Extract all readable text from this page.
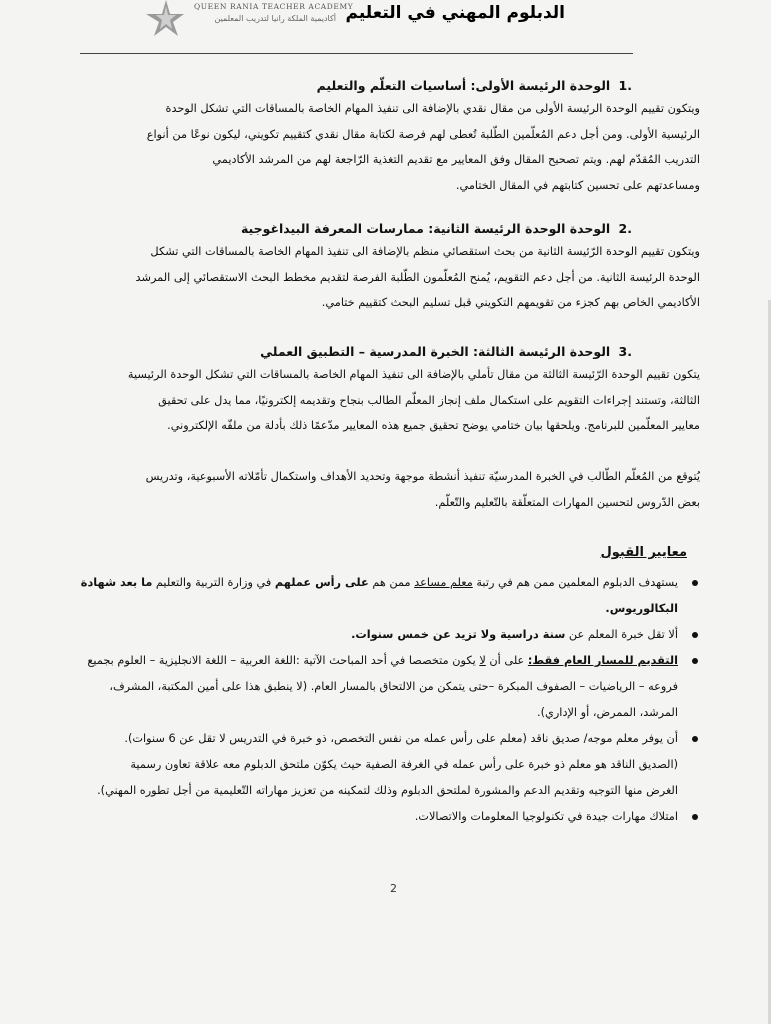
QUEEN RANIA TEACHER ACADEMY
أكاديمية الملكة رانيا لتدريب المعلمين الدبلوم المهني في التعليم
.1 الوحدة الرئيسة الأولى: أساسيات التعلّم والتعليم
ويتكون تقييم الوحدة الرئيسة الأولى من مقال نقدي بالإضافة الى تنفيذ المهام الخاصة بالمساقات التي تشكل الوحدة
الرئيسية الأولى. ومن أجل دعم المُعلّمين الطّلبة تُعطى لهم فرصة لكتابة مقال نقدي كتقييم تكويني، ليكون نوعًا من أنواع
التدريب المُقدّم لهم. ويتم تصحيح المقال وفق المعايير مع تقديم التغذية الرّاجعة لهم من المرشد الأكاديمي
ومساعدتهم على تحسين كتابتهم في المقال الختامي.
.2 الوحدة الوحدة الرئيسة الثانية: ممارسات المعرفة البيداغوجية
ويتكون تقييم الوحدة الرّئيسة الثانية من بحث استقصائي منظم بالإضافة الى تنفيذ المهام الخاصة بالمساقات التي تشكل
الوحدة الرئيسة الثانية. من أجل دعم التقويم، يُمنح المُعلّمون الطّلبة الفرصة لتقديم مخطط البحث الاستقصائي إلى المرشد
الأكاديمي الخاص بهم كجزء من تقويمهم التكويني قبل تسليم البحث كتقييم ختامي.
.3 الوحدة الرئيسة الثالثة: الخبرة المدرسية – التطبيق العملي
يتكون تقييم الوحدة الرّئيسة الثالثة من مقال تأملي بالإضافة الى تنفيذ المهام الخاصة بالمساقات التي تشكل الوحدة الرئيسية
الثالثة، وتستند إجراءات التقويم على استكمال ملف إنجاز المعلّم الطالب بنجاح وتقديمه إلكترونيًا، مما يدل على تحقيق
معايير المعلّمين للبرنامج. ويلحقها بيان ختامي يوضح تحقيق جميع هذه المعايير مدّعمًا ذلك بأدلة من ملفّه الإلكتروني.
يُتوقع من المُعلّم الطّالب في الخبرة المدرسيّة تنفيذ أنشطة موجهة وتحديد الأهداف واستكمال تأمّلاته الأسبوعية، وتدريس
بعض الدّروس لتحسين المهارات المتعلّقة بالتّعليم والتّعلّم.
معايير القبول
يستهدف الدبلوم المعلمين ممن هم في رتبة معلم مساعد ممن هم على رأس عملهم في وزارة التربية والتعليم ما بعد شهادة
البكالوريوس.
ألا تقل خبرة المعلم عن سنة دراسية ولا تزيد عن خمس سنوات.
التقديم للمسار العام فقط: على أن لا يكون متخصصا في أحد المباحث الآتية :اللغة العربية – اللغة الانجليزية – العلوم بجميع
فروعه – الرياضيات – الصفوف المبكرة –حتى يتمكن من الالتحاق بالمسار العام. (لا ينطبق هذا على أمين المكتبة، المشرف،
المرشد، الممرض، أو الإداري).
أن يوفر معلم موجه/ صديق ناقد (معلم على رأس عمله من نفس التخصص، ذو خبرة في التدريس لا تقل عن 6 سنوات).
(الصديق الناقد هو معلم ذو خبرة على رأس عمله في الغرفة الصفية حيث يكوّن ملتحق الدبلوم معه علاقة تعاون رسمية
الغرض منها التوجيه وتقديم الدعم والمشورة لملتحق الدبلوم وذلك لتمكينه من تعزيز مهاراته التّعليمية من أجل تطوره المهني).
امتلاك مهارات جيدة في تكنولوجيا المعلومات والاتصالات.
2
